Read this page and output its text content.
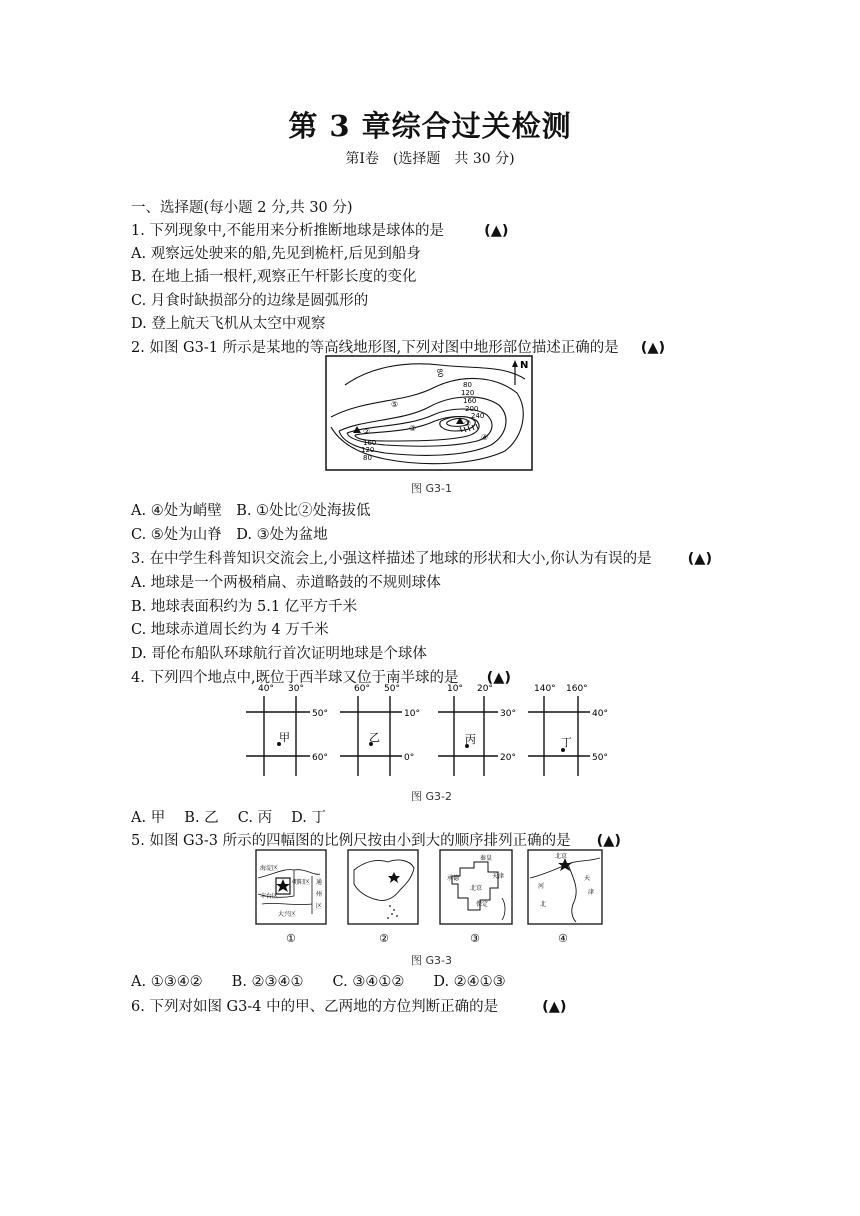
第 3 章综合过关检测
第Ⅰ卷　(选择题　共 30 分)
一、选择题(每小题 2 分,共 30 分)
1. 下列现象中,不能用来分析推断地球是球体的是	(▲)
A. 观察远处驶来的船,先见到桅杆,后见到船身
B. 在地上插一根杆,观察正午杆影长度的变化
C. 月食时缺损部分的边缘是圆弧形的
D. 登上航天飞机从太空中观察
2. 如图 G3-1 所示是某地的等高线地形图,下列对图中地形部位描述正确的是 (▲)
N
80
80
120
160
200
240
160
120
80
①
②	③
④
⑤
图 G3-1
A. ④处为峭壁　B. ①处比②处海拔低
C. ⑤处为山脊　D. ③处为盆地
3. 在中学生科普知识交流会上,小强这样描述了地球的形状和大小,你认为有误的是 (▲)
A. 地球是一个两极稍扁、赤道略鼓的不规则球体
B. 地球表面积约为 5.1 亿平方千米
C. 地球赤道周长约为 4 万千米
D. 哥伦布船队环球航行首次证明地球是个球体
4. 下列四个地点中,既位于西半球又位于南半球的是 (▲)
40° 30°
50°
60°
甲
60° 50°
10°
0°
乙
10° 20°
30°
20°
丙
140° 160°
40°
50°
丁
图 G3-2
A. 甲　 B. 乙　 C. 丙　 D. 丁
5. 如图 G3-3 所示的四幅图的比例尺按由小到大的顺序排列正确的是 (▲)
海淀区
朝阳区
丰台区
大兴区
通
州
区
①	②
承德
秦皇
北京
天津
保定
③
北京
河
天
北
津
④
图 G3-3
A. ①③④②　　B. ②③④①　　C. ③④①②　　D. ②④①③
6. 下列对如图 G3-4 中的甲、乙两地的方位判断正确的是	(▲)
